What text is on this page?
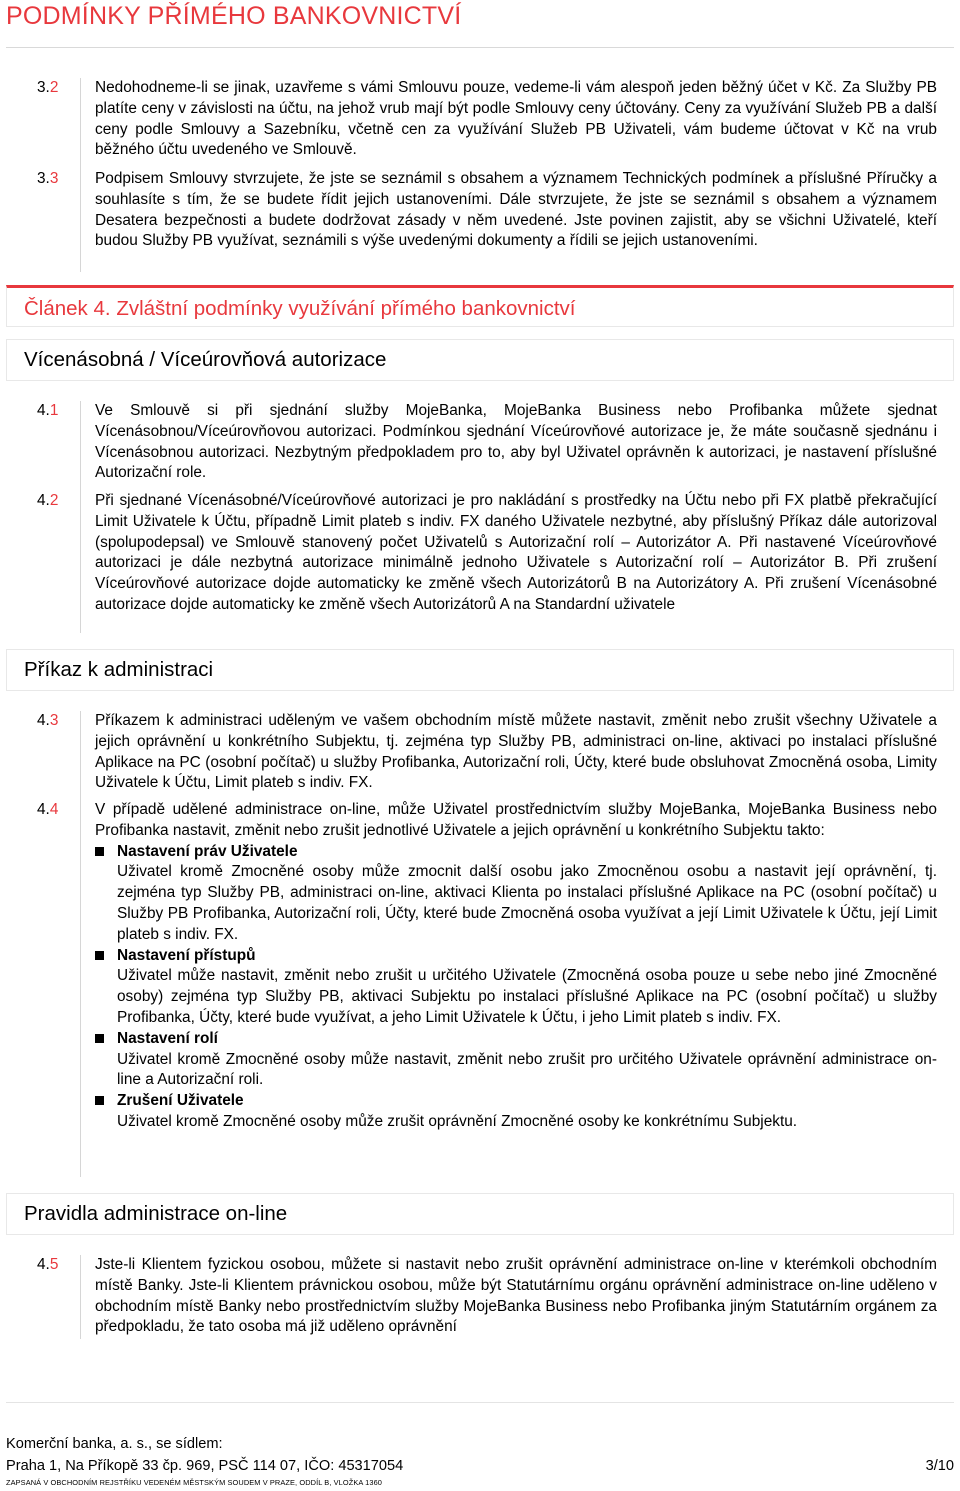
PODMÍNKY PŘÍMÉHO BANKOVNICTVÍ
3.2	Nedohodneme-li se jinak, uzavřeme s vámi Smlouvu pouze, vedeme-li vám alespoň jeden běžný účet v Kč. Za Služby PB platíte ceny v závislosti na účtu, na jehož vrub mají být podle Smlouvy ceny účtovány. Ceny za využívání Služeb PB a další ceny podle Smlouvy a Sazebníku, včetně cen za využívání Služeb PB Uživateli, vám budeme účtovat v Kč na vrub běžného účtu uvedeného ve Smlouvě.
3.3	Podpisem Smlouvy stvrzujete, že jste se seznámil s obsahem a významem Technických podmínek a příslušné Příručky a souhlasíte s tím, že se budete řídit jejich ustanoveními. Dále stvrzujete, že jste se seznámil s obsahem a významem Desatera bezpečnosti a budete dodržovat zásady v něm uvedené. Jste povinen zajistit, aby se všichni Uživatelé, kteří budou Služby PB využívat, seznámili s výše uvedenými dokumenty a řídili se jejich ustanoveními.
Článek 4. Zvláštní podmínky využívání přímého bankovnictví
Vícenásobná / Víceúrovňová autorizace
4.1	Ve Smlouvě si při sjednání služby MojeBanka, MojeBanka Business nebo Profibanka můžete sjednat Vícenásobnou/Víceúrovňovou autorizaci. Podmínkou sjednání Víceúrovňové autorizace je, že máte současně sjednánu i Vícenásobnou autorizaci. Nezbytným předpokladem pro to, aby byl Uživatel oprávněn k autorizaci, je nastavení příslušné Autorizační role.
4.2	Při sjednané Vícenásobné/Víceúrovňové autorizaci je pro nakládání s prostředky na Účtu nebo při FX platbě překračující Limit Uživatele k Účtu, případně Limit plateb s indiv. FX daného Uživatele nezbytné, aby příslušný Příkaz dále autorizoval (spolupodepsal) ve Smlouvě stanovený počet Uživatelů s Autorizační rolí – Autorizátor A. Při nastavené Víceúrovňové autorizaci je dále nezbytná autorizace minimálně jednoho Uživatele s Autorizační rolí – Autorizátor B. Při zrušení Víceúrovňové autorizace dojde automaticky ke změně všech Autorizátorů B na Autorizátory A. Při zrušení Vícenásobné autorizace dojde automaticky ke změně všech Autorizátorů A na Standardní uživatele
Příkaz k administraci
4.3	Příkazem k administraci uděleným ve vašem obchodním místě můžete nastavit, změnit nebo zrušit všechny Uživatele a jejich oprávnění u konkrétního Subjektu, tj. zejména typ Služby PB, administraci on-line, aktivaci po instalaci příslušné Aplikace na PC (osobní počítač) u služby Profibanka, Autorizační roli, Účty, které bude obsluhovat Zmocněná osoba, Limity Uživatele k Účtu, Limit plateb s indiv. FX.
4.4	V případě udělené administrace on-line, může Uživatel prostřednictvím služby MojeBanka, MojeBanka Business nebo Profibanka nastavit, změnit nebo zrušit jednotlivé Uživatele a jejich oprávnění u konkrétního Subjektu takto:
Nastavení práv Uživatele
Uživatel kromě Zmocněné osoby může zmocnit další osobu jako Zmocněnou osobu a nastavit její oprávnění, tj. zejména typ Služby PB, administraci on-line, aktivaci Klienta po instalaci příslušné Aplikace na PC (osobní počítač) u Služby PB Profibanka, Autorizační roli, Účty, které bude Zmocněná osoba využívat a její Limit Uživatele k Účtu, její Limit plateb s indiv. FX.
Nastavení přístupů
Uživatel může nastavit, změnit nebo zrušit u určitého Uživatele (Zmocněná osoba pouze u sebe nebo jiné Zmocněné osoby) zejména typ Služby PB, aktivaci Subjektu po instalaci příslušné Aplikace na PC (osobní počítač) u služby Profibanka, Účty, které bude využívat, a jeho Limit Uživatele k Účtu, i jeho Limit plateb s indiv. FX.
Nastavení rolí
Uživatel kromě Zmocněné osoby může nastavit, změnit nebo zrušit pro určitého Uživatele oprávnění administrace on-line a Autorizační roli.
Zrušení Uživatele
Uživatel kromě Zmocněné osoby může zrušit oprávnění Zmocněné osoby ke konkrétnímu Subjektu.
Pravidla administrace on-line
4.5	Jste-li Klientem fyzickou osobou, můžete si nastavit nebo zrušit oprávnění administrace on-line v kterémkoli obchodním místě Banky. Jste-li Klientem právnickou osobou, může být Statutárnímu orgánu oprávnění administrace on-line uděleno v obchodním místě Banky nebo prostřednictvím služby MojeBanka Business nebo Profibanka jiným Statutárním orgánem za předpokladu, že tato osoba má již uděleno oprávnění
Komerční banka, a. s., se sídlem:
Praha 1, Na Příkopě 33 čp. 969, PSČ 114 07, IČO: 45317054
ZAPSANÁ V OBCHODNÍM REJSTŘÍKU VEDENÉM MĚSTSKÝM SOUDEM V PRAZE, ODDÍL B, VLOŽKA 1360
3/10
